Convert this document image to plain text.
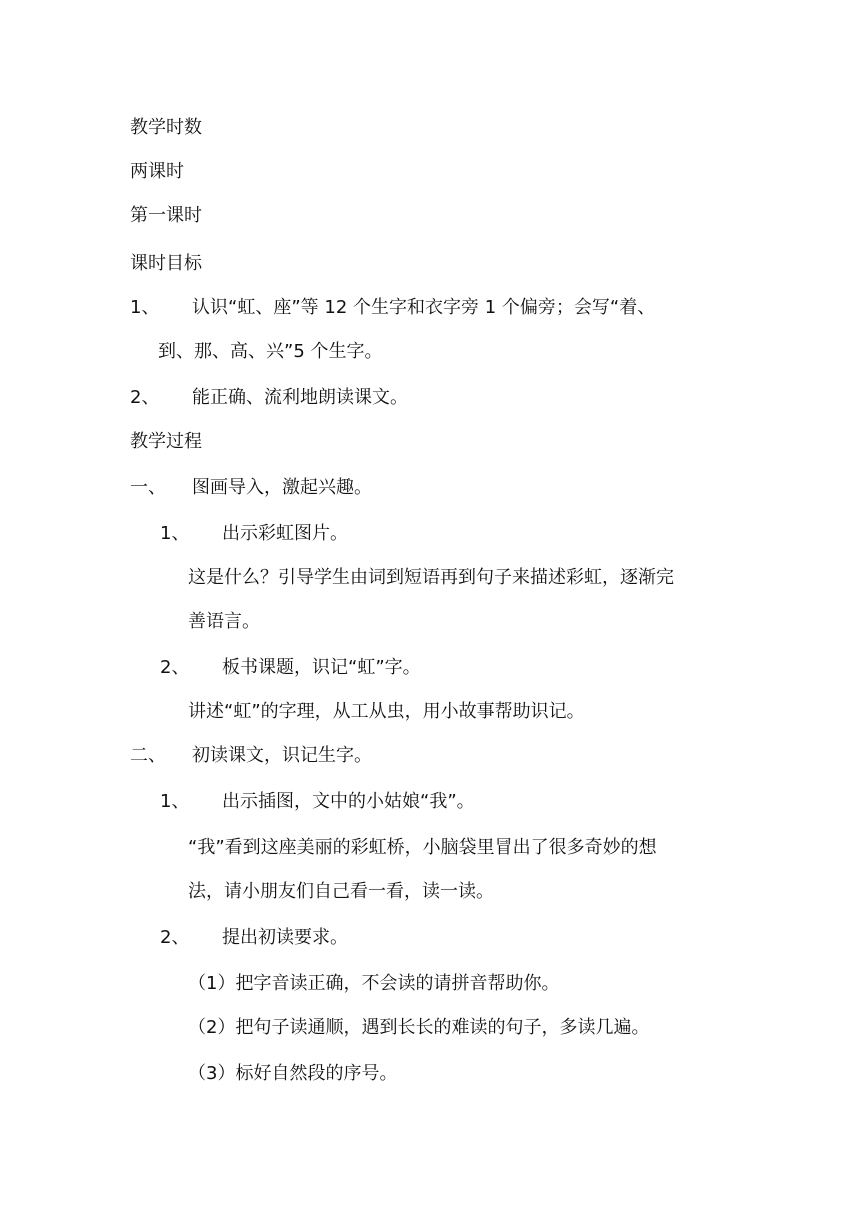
教学时数
两课时
第一课时
课时目标
1、 认识“虹、座”等 12 个生字和衣字旁 1 个偏旁；会写“着、
到、那、高、兴”5 个生字。
2、 能正确、流利地朗读课文。
教学过程
一、 图画导入，激起兴趣。
1、 出示彩虹图片。
这是什么？引导学生由词到短语再到句子来描述彩虹，逐渐完
善语言。
2、 板书课题，识记“虹”字。
讲述“虹”的字理，从工从虫，用小故事帮助识记。
二、 初读课文，识记生字。
1、 出示插图，文中的小姑娘“我”。
“我”看到这座美丽的彩虹桥，小脑袋里冒出了很多奇妙的想
法，请小朋友们自己看一看，读一读。
2、 提出初读要求。
（1）把字音读正确，不会读的请拼音帮助你。
（2）把句子读通顺，遇到长长的难读的句子，多读几遍。
（3）标好自然段的序号。
